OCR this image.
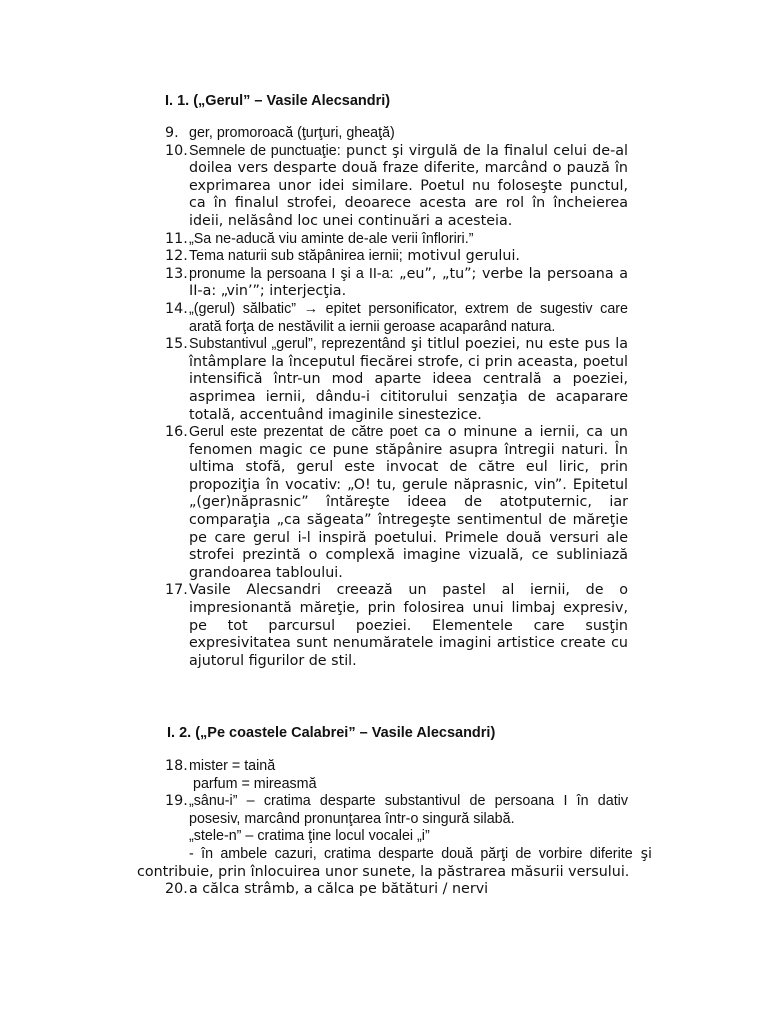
I. 1. („Gerul” – Vasile Alecsandri)
9. ger, promoroacă (ţurţuri, gheaţă)
10. Semnele de punctuaţie: punct şi virgulă de la finalul celui de-al doilea vers desparte două fraze diferite, marcând o pauză în exprimarea unor idei similare. Poetul nu foloseşte punctul, ca în finalul strofei, deoarece acesta are rol în încheierea ideii, nelăsând loc unei continuări a acesteia.
11. „Sa ne-aducă viu aminte de-ale verii înfloriri.”
12. Tema naturii sub stăpânirea iernii; motivul gerului.
13. pronume la persoana I şi a II-a: „eu”, „tu”; verbe la persoana a II-a: „vin’”; interjecţia.
14. „(gerul) sălbatic” → epitet personificator, extrem de sugestiv care arată forţa de nestăvilit a iernii geroase acaparând natura.
15. Substantivul „gerul”, reprezentând şi titlul poeziei, nu este pus la întâmplare la începutul fiecărei strofe, ci prin aceasta, poetul intensifică într-un mod aparte ideea centrală a poeziei, asprimea iernii, dându-i cititorului senzaţia de acaparare totală, accentuând imaginile sinestezice.
16. Gerul este prezentat de către poet ca o minune a iernii, ca un fenomen magic ce pune stăpânire asupra întregii naturi. În ultima stofă, gerul este invocat de către eul liric, prin propoziţia în vocativ: „O! tu, gerule năprasnic, vin”. Epitetul „(ger)năprasnic” întăreşte ideea de atotputernic, iar comparaţia „ca săgeata” întregeşte sentimentul de măreţie pe care gerul i-l inspiră poetului. Primele două versuri ale strofei prezintă o complexă imagine vizuală, ce subliniază grandoarea tabloului.
17. Vasile Alecsandri creează un pastel al iernii, de o impresionantă măreţie, prin folosirea unui limbaj expresiv, pe tot parcursul poeziei. Elementele care susţin expresivitatea sunt nenumăratele imagini artistice create cu ajutorul figurilor de stil.
I. 2. („Pe coastele Calabrei” – Vasile Alecsandri)
18. mister = taină
parfum = mireasmă
19. „sânu-i” – cratima desparte substantivul de persoana I în dativ posesiv, marcând pronunţarea într-o singură silabă.
„stele-n” – cratima ţine locul vocalei „i”
- în ambele cazuri, cratima desparte două părţi de vorbire diferite şi contribuie, prin înlocuirea unor sunete, la păstrarea măsurii versului.
20. a călca strâmb, a călca pe bătături / nervi
